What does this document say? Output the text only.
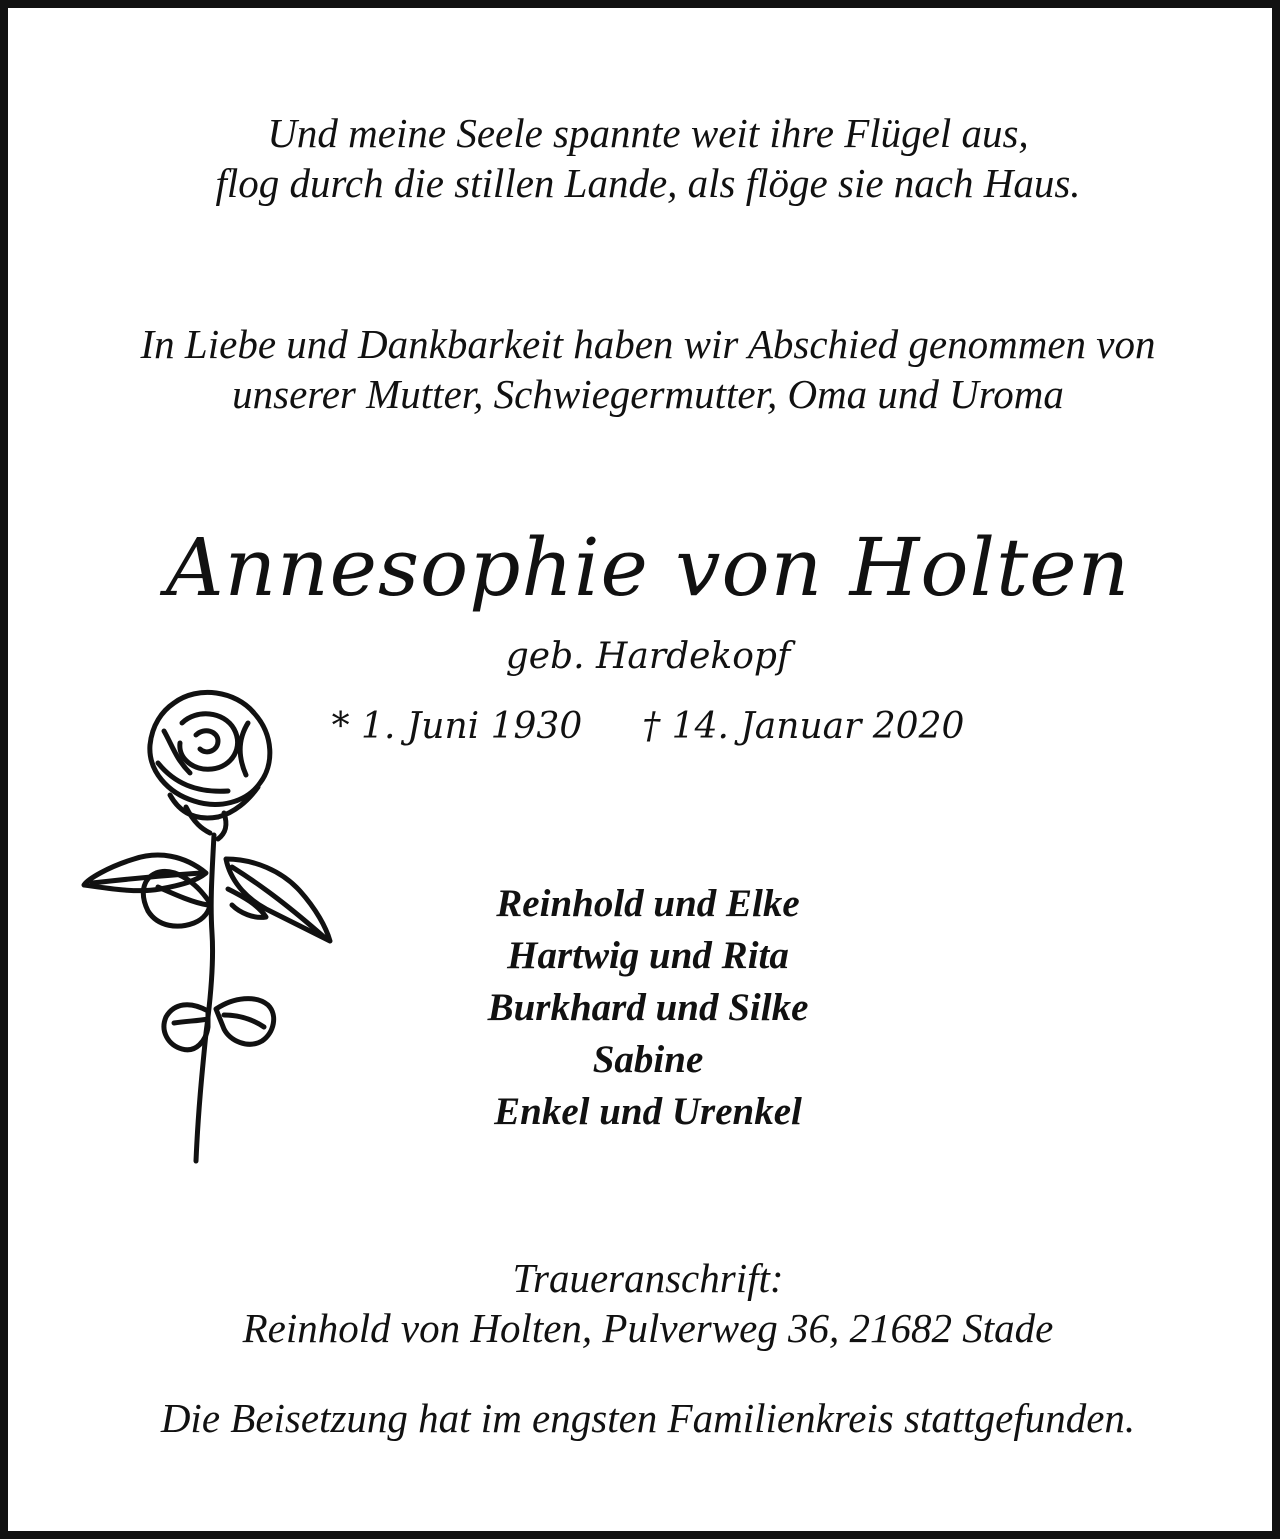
Und meine Seele spannte weit ihre Flügel aus,
flog durch die stillen Lande, als flöge sie nach Haus.
In Liebe und Dankbarkeit haben wir Abschied genommen von
unserer Mutter, Schwiegermutter, Oma und Uroma
Annesophie von Holten
geb. Hardekopf
* 1. Juni 1930 † 14. Januar 2020
Reinhold und Elke
Hartwig und Rita
Burkhard und Silke
Sabine
Enkel und Urenkel
Traueranschrift:
Reinhold von Holten, Pulverweg 36, 21682 Stade
Die Beisetzung hat im engsten Familienkreis stattgefunden.
